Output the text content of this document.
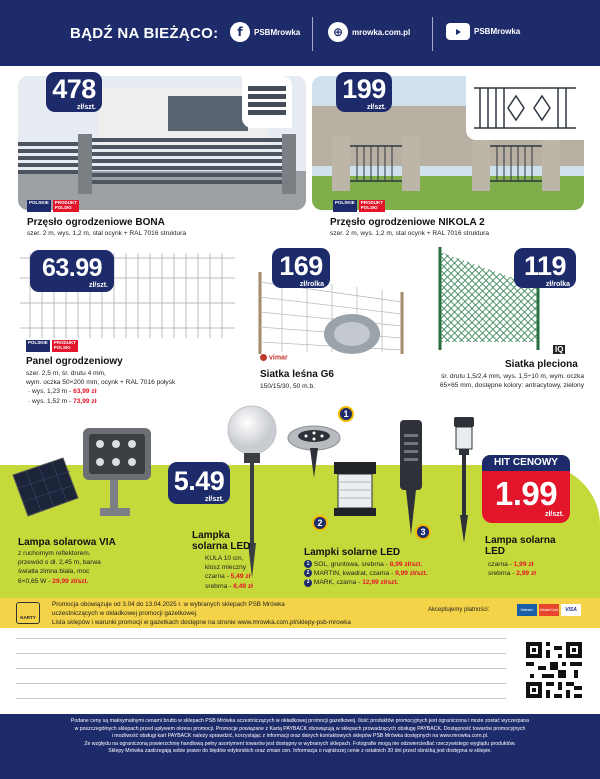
BĄDŹ NA BIEŻĄCO:	f	PSBMrowka	⊕	mrowka.com.pl	PSBMrowka
478
zł/szt.
POLSKIE	PRODUKT POLSKI
Przęsło ogrodzeniowe BONA
szer. 2 m, wys. 1,2 m, stal ocynk + RAL 7016 struktura
199
zł/szt.
POLSKIE	PRODUKT POLSKI
Przęsło ogrodzeniowe NIKOLA 2
szer. 2 m, wys. 1,2 m, stal ocynk + RAL 7016 struktura
63.99
zł/szt.
POLSKIE	PRODUKT POLSKI
Panel ogrodzeniowy
szer. 2,5 m, śr. drutu 4 mm,
wym. oczka 50×200 mm, ocynk + RAL 7016 połysk
· wys. 1,23 m - 63,99 zł
· wys. 1,52 m - 73,99 zł
169
zł/rolka
vimar
Siatka leśna G6
150/15/30, 50 m.b.
119
zł/rolka
IQ
Siatka pleciona
śr. drutu 1,5/2,4 mm, wys. 1,5÷10 m, wym. oczka
65×65 mm, dostępne kolory: antracytowy, zielony
Lampa solarowa VIA
z ruchomym reflektorem,
przewód o dł. 2,45 m, barwa
światła zimna biała, moc
6×0,65 W - 29,99 zł/szt.
5.49
zł/szt.
Lampka
solarna LED
KULA 10 cm,
klosz mleczny
czarna - 5,49 zł
srebrna - 6,49 zł
1
2
3
Lampki solarne LED
1 SOL, gruntowa, srebrna - 8,99 zł/szt.
2 MARTIN, kwadrat, czarna - 9,99 zł/szt.
3 MARK, czarna - 12,99 zł/szt.
HIT CENOWY
1.99
zł/szt.
Lampa solarna
LED
czarna - 1,99 zł
srebrna - 2,99 zł
KARTY
Promocja obowiązuje od 3.04 do 13.04.2025 r. w wybranych sklepach PSB Mrówka
uczestniczących w okładkowej promocji gazetkowej.
Lista sklepów i warunki promocji w gazetkach dostępne na stronie www.mrowka.com.pl/sklepy-psb-mrowka
Akceptujemy płatności:	Maestro	MasterCard	VISA
Podane ceny są maksymalnymi cenami brutto w sklepach PSB Mrówka uczestniczących w okładkowej promocji gazetkowej. Ilość produktów promocyjnych jest ograniczona i może zostać wyczerpana
w poszczególnych sklepach przed upływem okresu promocji. Promocje powiązane z Kartą PAYBACK obowiązują w sklepach prowadzących obsługę PAYBACK. Dostępność towarów promocyjnych
i możliwość obsługi kart PAYBACK należy sprawdzić, korzystając z informacji oraz danych kontaktowych sklepów PSB Mrówka dostępnych na www.mrowka.com.pl.
Ze względu na ograniczoną powierzchnię handlową pełny asortyment towarów jest dostępny w wybranych sklepach. Fotografie mogą nie odzwierciedlać rzeczywistego wyglądu produktów.
Sklepy Mrówka zastrzegają sobie prawo do błędów edytorskich oraz zmian cen. Informacja o najniższej cenie z ostatnich 30 dni przed obniżką jest dostępna w sklepie.
